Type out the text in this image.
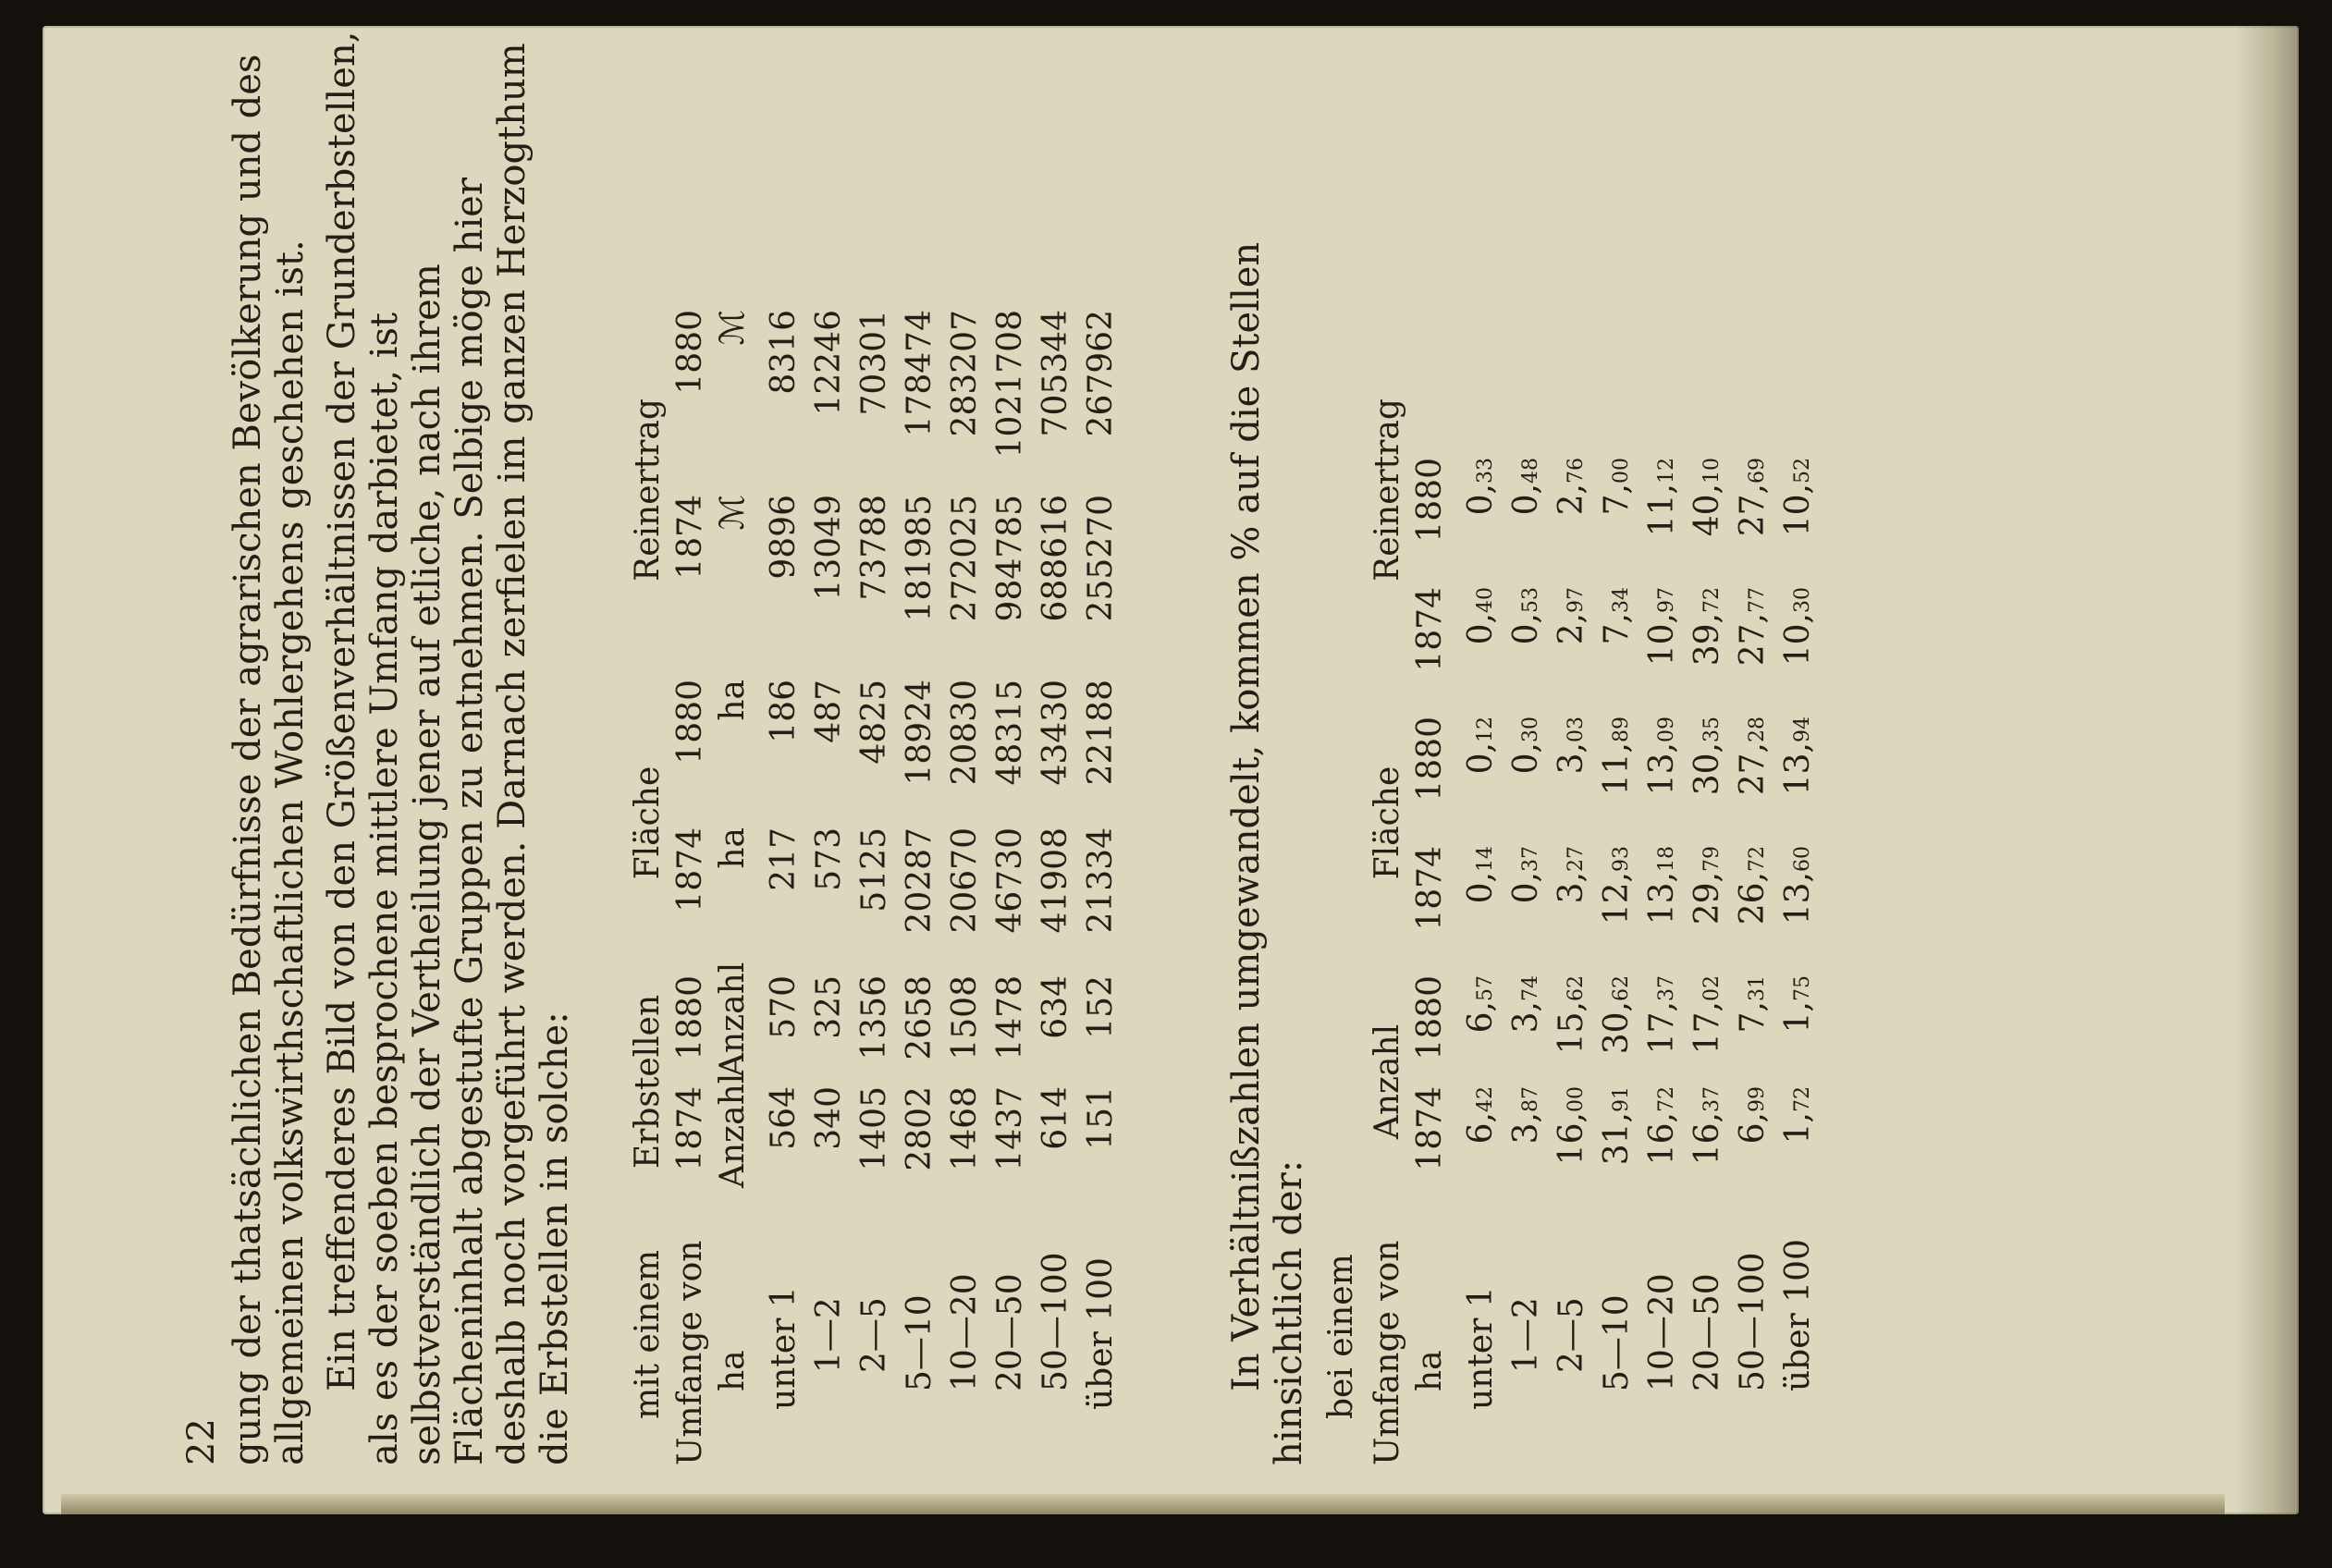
22 gung der thatsächlichen Bedürfnisse der agrarischen Bevölkerung und des allgemeinen volkswirthschaftlichen Wohlergehens geschehen ist. Ein treffenderes Bild von den Größenverhältnissen der Grunderbstellen, als es der soeben besprochene mittlere Umfang darbietet, ist selbstverständlich der Vertheilung jener auf etliche, nach ihrem Flächeninhalt abgestufte Gruppen zu entnehmen. Selbige möge hier deshalb noch vorgeführt werden. Darnach zerfielen im ganzen Herzogthum die Erbstellen in solche: mit einem
Erbstellen
Fläche
Reinertrag
Umfange von
1874
1880
1874
1880
1874
1880
ha
Anzahl
Anzahl
ha
ha
ℳ
ℳ
unter 1
564
570
217
186
9896
8316
1—2
340
325
573
487
13049
12246
2—5
1405
1356
5125
4825
73788
70301
5—10
2802
2658
20287
18924
181985
178474
10—20
1468
1508
20670
20830
272025
283207
20—50
1437
1478
46730
48315
984785
1021708
50—100
614
634
41908
43430
688616
705344
über 100
151
152
21334
22188
255270
267962	In Verhältnißzahlen umgewandelt, kommen % auf die Stellen hinsichtlich der: bei einem Umfange von
Anzahl
Fläche
Reinertrag
ha
1874
1880
1874
1880
1874
1880
unter 1
6,42
6,57
0,14
0,12
0,40
0,33
1—2
3,87
3,74
0,37
0,30
0,53
0,48
2—5
16,00
15,62
3,27
3,03
2,97
2,76
5—10
31,91
30,62
12,93
11,89
7,34
7,00
10—20
16,72
17,37
13,18
13,09
10,97
11,12
20—50
16,37
17,02
29,79
30,35
39,72
40,10
50—100
6,99
7,31
26,72
27,28
27,77
27,69
über 100
1,72
1,75
13,60
13,94
10,30
10,52
